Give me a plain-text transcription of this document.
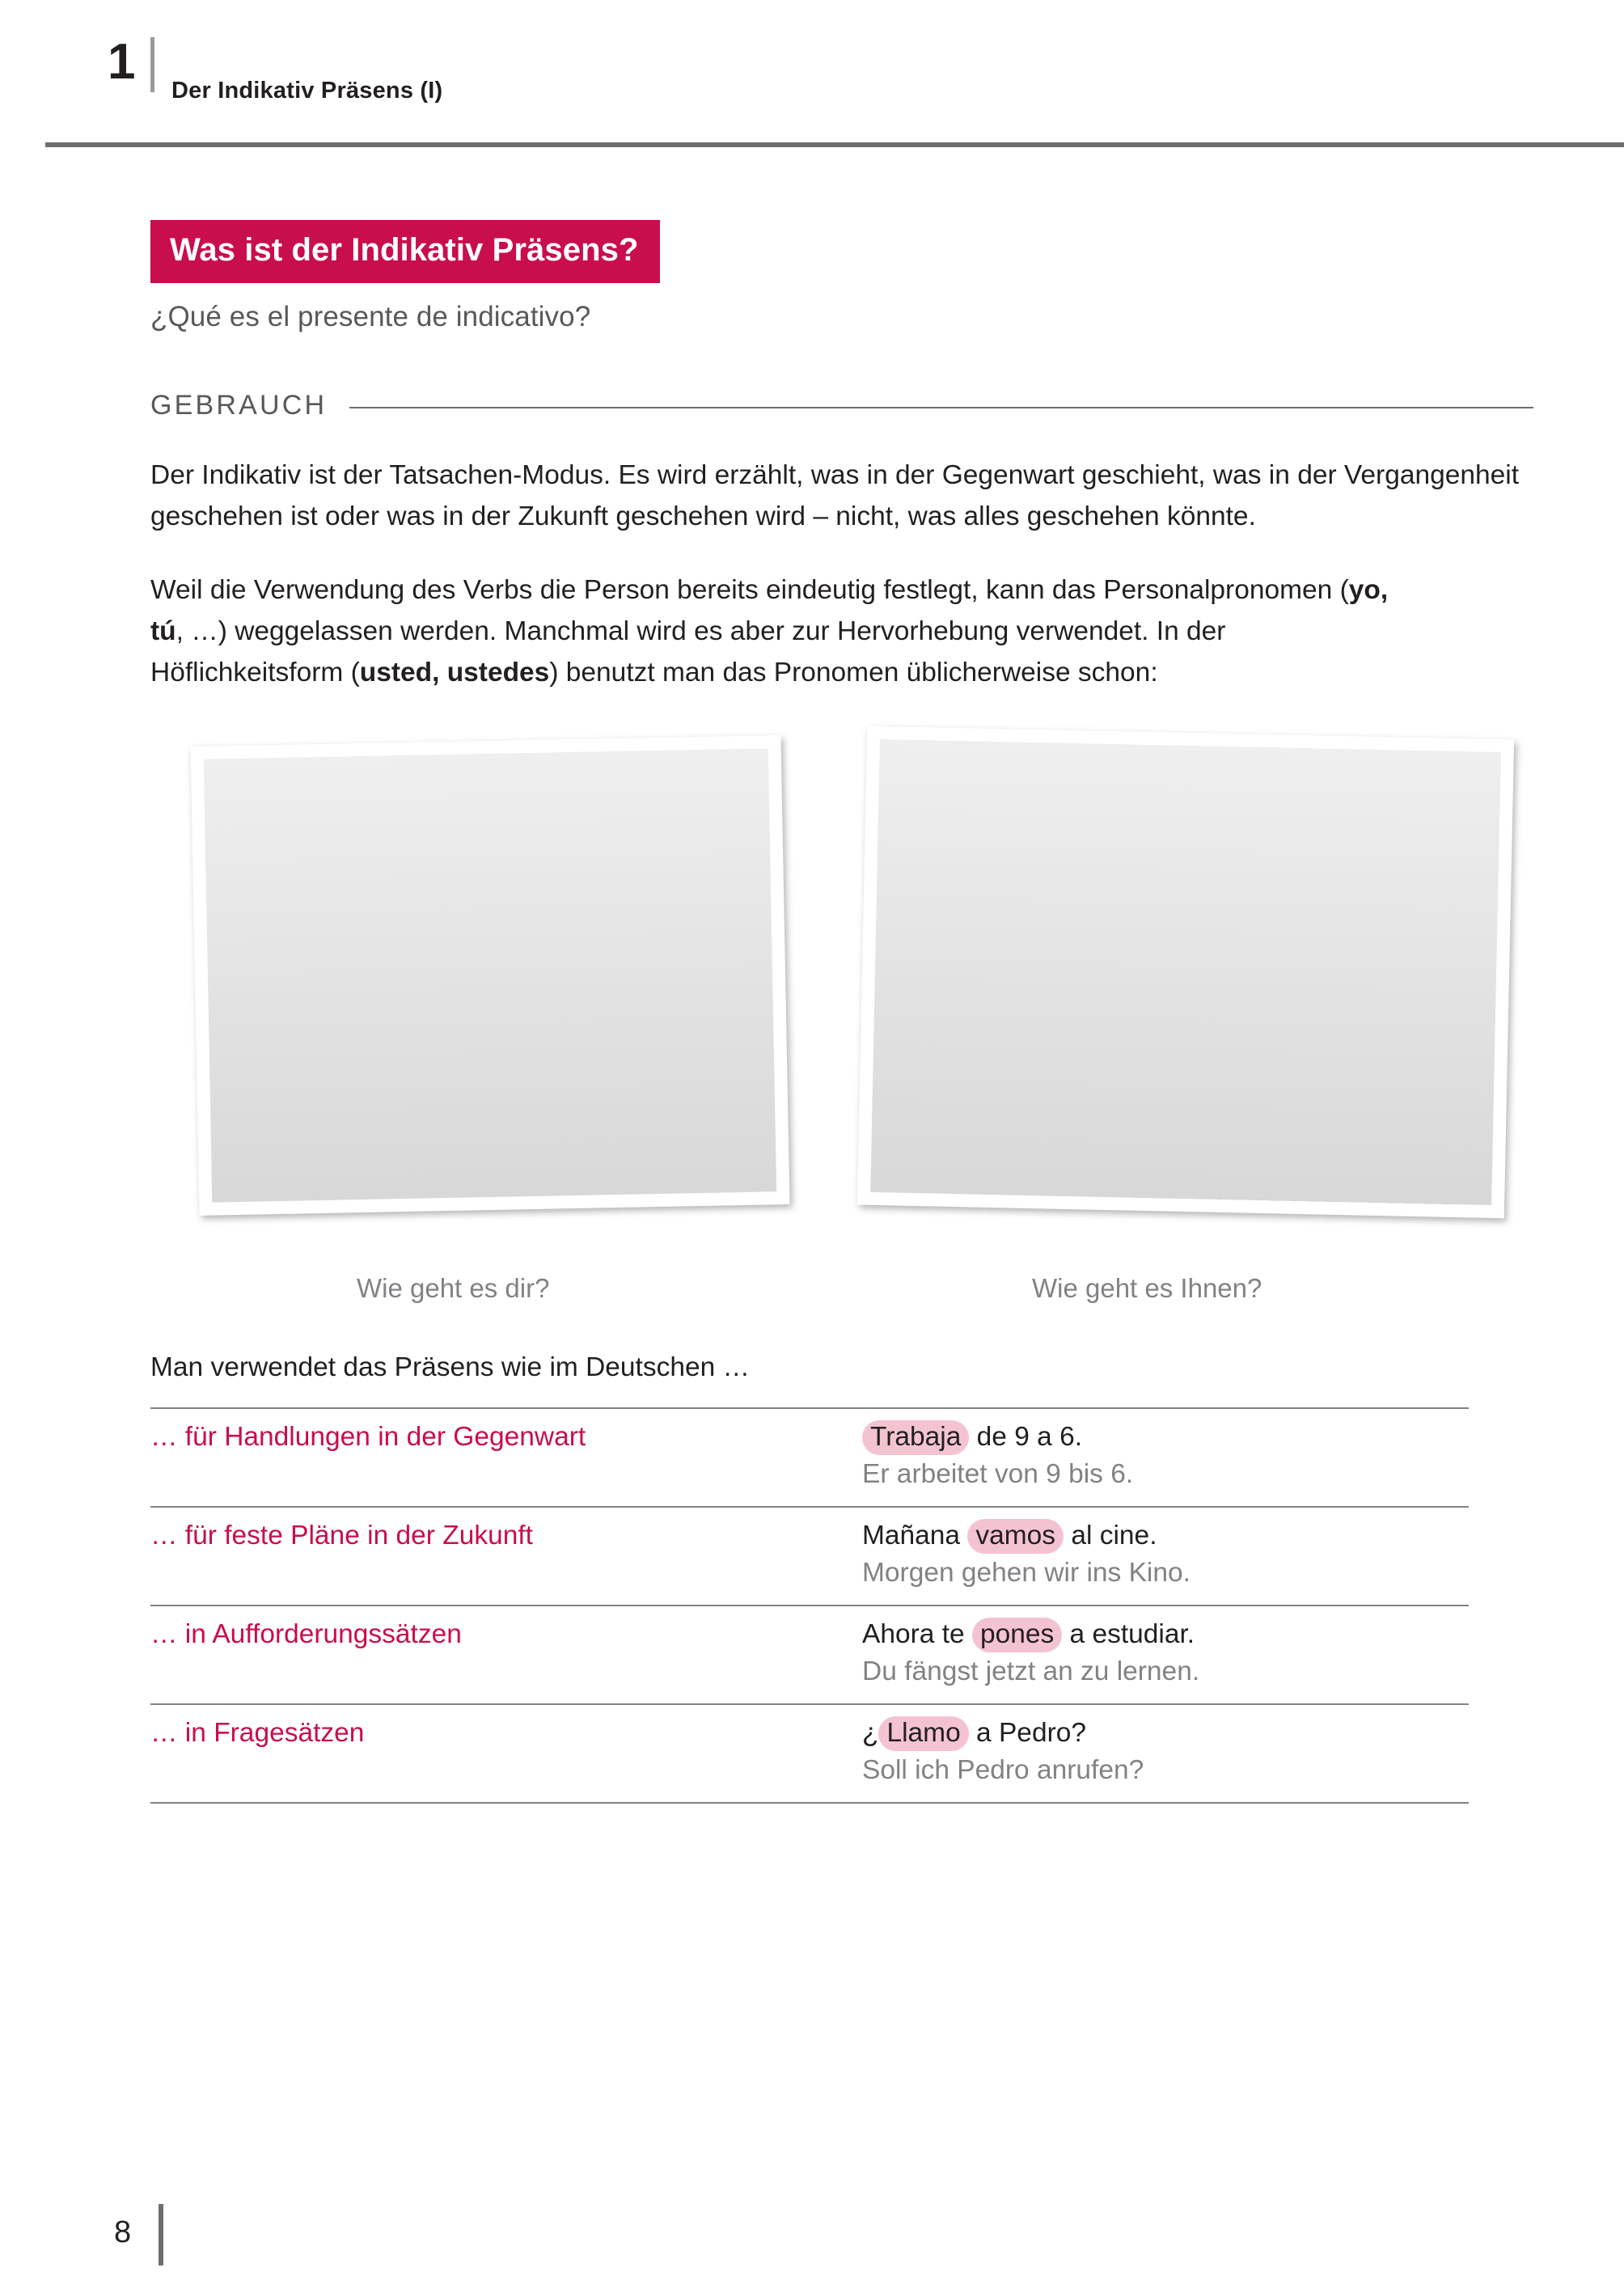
1
Der Indikativ Präsens (I)
Was ist der Indikativ Präsens?
¿Qué es el presente de indicativo?
GEBRAUCH

Der Indikativ ist der Tatsachen-Modus. Es wird erzählt, was in der Gegenwart geschieht, was in der Vergangenheit geschehen ist oder was in der Zukunft geschehen wird – nicht, was alles geschehen könnte.

Weil die Verwendung des Verbs die Person bereits eindeutig festlegt, kann das Personalpronomen (yo, tú, …) weggelassen werden. Manchmal wird es aber zur Hervorhebung verwendet. In der Höflichkeitsform (usted, ustedes) benutzt man das Pronomen üblicherweise schon:

Wie geht es dir?	Wie geht es Ihnen?
Man verwendet das Präsens wie im Deutschen …
… für Handlungen in der Gegenwart	Trabaja de 9 a 6.
Er arbeitet von 9 bis 6.

… für feste Pläne in der Zukunft	Mañana vamos al cine.
Morgen gehen wir ins Kino.

… in Aufforderungssätzen	Ahora te pones a estudiar.
Du fängst jetzt an zu lernen.

… in Fragesätzen	¿ Llamo a Pedro?
Soll ich Pedro anrufen?
8
